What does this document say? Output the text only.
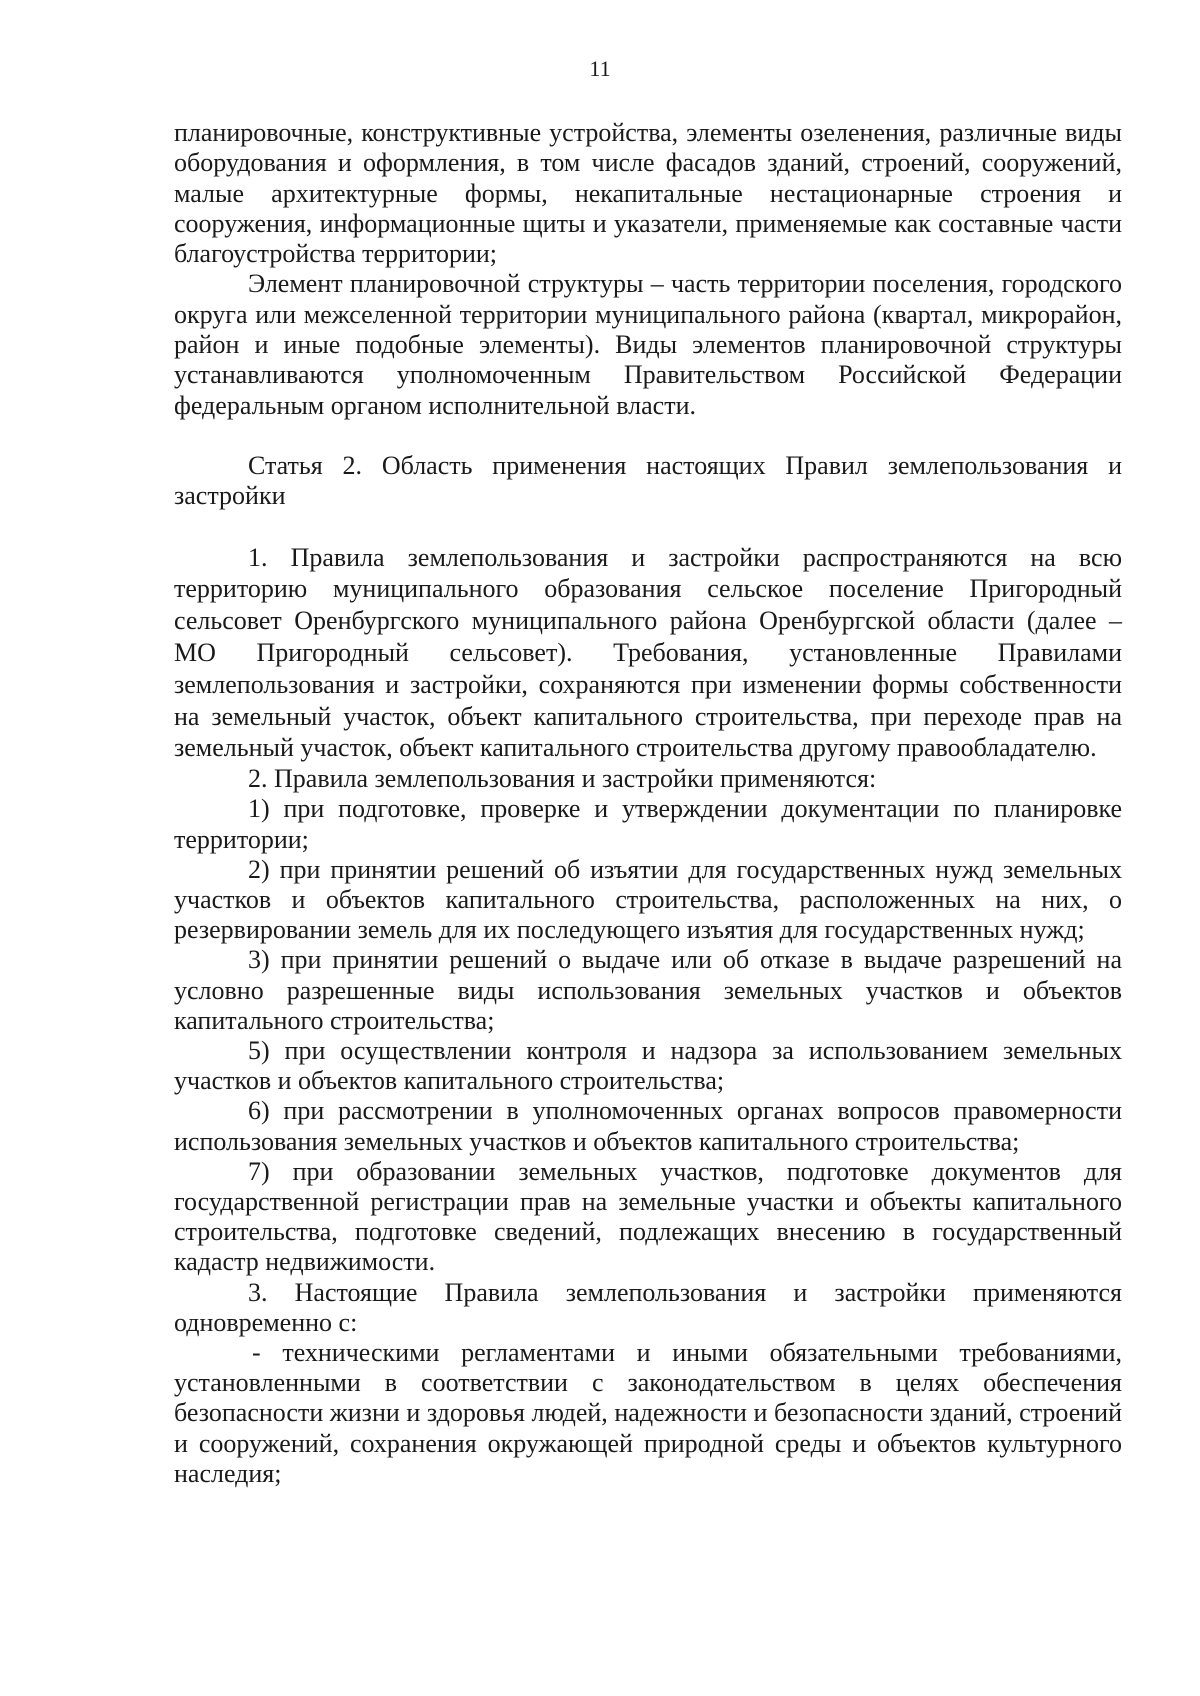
11

планировочные, конструктивные устройства, элементы озеленения, различные виды оборудования и оформления, в том числе фасадов зданий, строений, сооружений, малые архитектурные формы, некапитальные нестационарные строения и сооружения, информационные щиты и указатели, применяемые как составные части благоустройства территории;

Элемент планировочной структуры – часть территории поселения, городского округа или межселенной территории муниципального района (квартал, микрорайон, район и иные подобные элементы). Виды элементов планировочной структуры устанавливаются уполномоченным Правительством Российской Федерации федеральным органом исполнительной власти.

Статья 2. Область применения настоящих Правил землепользования и застройки

1. Правила землепользования и застройки распространяются на всю территорию муниципального образования сельское поселение Пригородный сельсовет Оренбургского муниципального района Оренбургской области (далее – МО Пригородный сельсовет). Требования, установленные Правилами землепользования и застройки, сохраняются при изменении формы собственности на земельный участок, объект капитального строительства, при переходе прав на земельный участок, объект капитального строительства другому правообладателю.

2. Правила землепользования и застройки применяются:

1) при подготовке, проверке и утверждении документации по планировке территории;

2) при принятии решений об изъятии для государственных нужд земельных участков и объектов капитального строительства, расположенных на них, о резервировании земель для их последующего изъятия для государственных нужд;

3) при принятии решений о выдаче или об отказе в выдаче разрешений на условно разрешенные виды использования земельных участков и объектов капитального строительства;

5) при осуществлении контроля и надзора за использованием земельных участков и объектов капитального строительства;

6) при рассмотрении в уполномоченных органах вопросов правомерности использования земельных участков и объектов капитального строительства;

7) при образовании земельных участков, подготовке документов для государственной регистрации прав на земельные участки и объекты капитального строительства, подготовке сведений, подлежащих внесению в государственный кадастр недвижимости.

3. Настоящие Правила землепользования и застройки применяются одновременно с:

- техническими регламентами и иными обязательными требованиями, установленными в соответствии с законодательством в целях обеспечения безопасности жизни и здоровья людей, надежности и безопасности зданий, строений и сооружений, сохранения окружающей природной среды и объектов культурного наследия;
